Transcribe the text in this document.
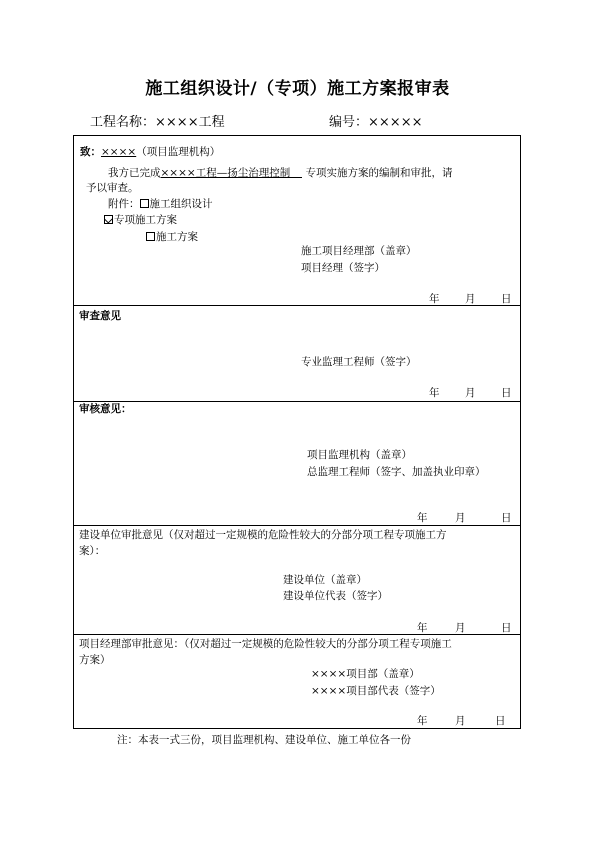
施工组织设计/（专项）施工方案报审表
工程名称：××××工程	编号：×××××
致：××××（项目监理机构）
我方已完成××××工程—扬尘治理控制 专项实施方案的编制和审批，请
予以审查。
附件： 施工组织设计
专项施工方案
施工方案
施工项目经理部（盖章）
项目经理（签字）
年 月 日
审查意见
专业监理工程师（签字）
年 月 日
审核意见：
项目监理机构（盖章）
总监理工程师（签字、加盖执业印章）
年	月	日
建设单位审批意见（仅对超过一定规模的危险性较大的分部分项工程专项施工方
案）：
建设单位（盖章）
建设单位代表（签字）
年	月	日
项目经理部审批意见：（仅对超过一定规模的危险性较大的分部分项工程专项施工
方案）
××××项目部（盖章）
××××项目部代表（签字）
年	月	日
注：本表一式三份，项目监理机构、建设单位、施工单位各一份
